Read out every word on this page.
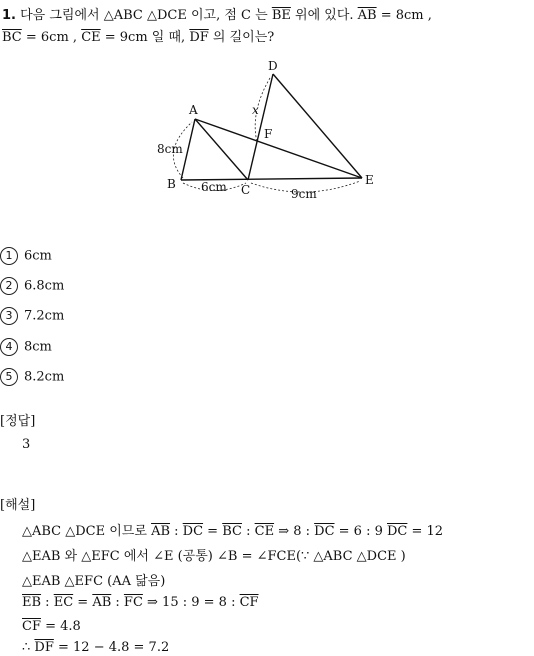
1. 다음 그림에서 △ABC △DCE 이고, 점 C 는 $\overline{BE}$ 위에 있다. $\overline{AB} = 8cm$ ,
$\overline{BC} = 6cm$ , $\overline{CE} = 9cm$ 일 때, $\overline{DF}$ 의 길이는?
D
A	x
F
8cm
B 6cm C	9cm
E
1 6cm
2 6.8cm
3 7.2cm
4 8cm
5 8.2cm
[정답]
3
[해설]
△ABC △DCE 이므로 $\overline{AB}$ : $\overline{DC} = \overline{BC}$ : $\overline{CE}$ ⇒ 8 : $\overline{DC} = 6$ : 9 $\overline{DC} = 12$
△EAB 와 △EFC 에서 ∠E (공통) ∠B = ∠FCE(∵ △ABC △DCE )
△EAB △EFC (AA 닮음)
$\overline{EB}$ : $\overline{EC} = \overline{AB}$ : $\overline{FC}$ ⇒ 15 : 9 = 8 : $\overline{CF}$
$\overline{CF} = 4.8$
∴ $\overline{DF} = 12 - 4.8 = 7.2$
